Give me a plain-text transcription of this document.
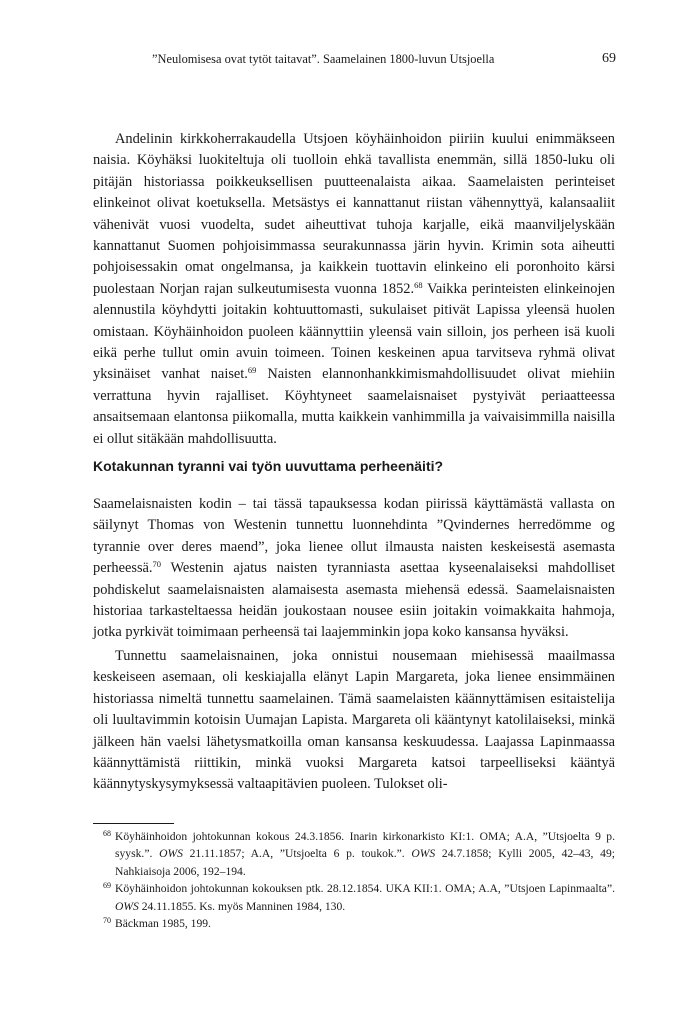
”Neulomisesa ovat tytöt taitavat”. Saamelainen 1800-luvun Utsjoella	69

Andelinin kirkkoherrakaudella Utsjoen köyhäinhoidon piiriin kuului enimmäkseen naisia. Köyhäksi luokiteltuja oli tuolloin ehkä tavallista enemmän, sillä 1850-luku oli pitäjän historiassa poikkeuksellisen puutteenalaista aikaa. Saamelaisten perinteiset elinkeinot olivat koetuksella. Metsästys ei kannattanut riistan vähennyttyä, kalansaaliit vähenivät vuosi vuodelta, sudet aiheuttivat tuhoja karjalle, eikä maanviljelyskään kannattanut Suomen pohjoisimmassa seurakunnassa järin hyvin. Krimin sota aiheutti pohjoisessakin omat ongelmansa, ja kaikkein tuottavin elinkeino eli poronhoito kärsi puolestaan Norjan rajan sulkeutumisesta vuonna 1852.68 Vaikka perinteisten elinkeinojen alennustila köyhdytti joitakin kohtuuttomasti, sukulaiset pitivät Lapissa yleensä huolen omistaan. Köyhäinhoidon puoleen käännyttiin yleensä vain silloin, jos perheen isä kuoli eikä perhe tullut omin avuin toimeen. Toinen keskeinen apua tarvitseva ryhmä olivat yksinäiset vanhat naiset.$^{69}$ Naisten elannonhankkimismahdollisuudet olivat miehiin verrattuna hyvin rajalliset. Köyhtyneet saamelaisnaiset pystyivät periaatteessa ansaitsemaan elantonsa piikomalla, mutta kaikkein vanhimmilla ja vaivaisimmilla naisilla ei ollut sitäkään mahdollisuutta.

Kotakunnan tyranni vai työn uuvuttama perheenäiti?

Saamelaisnaisten kodin – tai tässä tapauksessa kodan piirissä käyttämästä vallasta on säilynyt Thomas von Westenin tunnettu luonnehdinta ”Qvindernes herredömme og tyrannie over deres maend”, joka lienee ollut ilmausta naisten keskeisestä asemasta perheessä.$^{70}$ Westenin ajatus naisten tyranniasta asettaa kyseenalaiseksi mahdolliset pohdiskelut saamelaisnaisten alamaisesta asemasta miehensä edessä. Saamelaisnaisten historiaa tarkasteltaessa heidän joukostaan nousee esiin joitakin voimakkaita hahmoja, jotka pyrkivät toimimaan perheensä tai laajemminkin jopa koko kansansa hyväksi.

Tunnettu saamelaisnainen, joka onnistui nousemaan miehisessä maailmassa keskeiseen asemaan, oli keskiajalla elänyt Lapin Margareta, joka lienee ensimmäinen historiassa nimeltä tunnettu saamelainen. Tämä saamelaisten käännyttämisen esitaistelija oli luultavimmin kotoisin Uumajan Lapista. Margareta oli kääntynyt katolilaiseksi, minkä jälkeen hän vaelsi lähetysmatkoilla oman kansansa keskuudessa. Laajassa Lapinmaassa käännyttämistä riittikin, minkä vuoksi Margareta katsoi tarpeelliseksi kääntyä käännytyskysymyksessä valtaapitävien puoleen. Tulokset oli-

68 Köyhäinhoidon johtokunnan kokous 24.3.1856. Inarin kirkonarkisto KI:1. OMA; A.A, ”Utsjoelta 9 p. syysk.”. OWS 21.11.1857; A.A, ”Utsjoelta 6 p. toukok.”. OWS 24.7.1858; Kylli 2005, 42–43, 49; Nahkiaisoja 2006, 192–194.

69 Köyhäinhoidon johtokunnan kokouksen ptk. 28.12.1854. UKA KII:1. OMA; A.A, ”Utsjoen Lapinmaalta”. OWS 24.11.1855. Ks. myös Manninen 1984, 130.

70 Bäckman 1985, 199.
